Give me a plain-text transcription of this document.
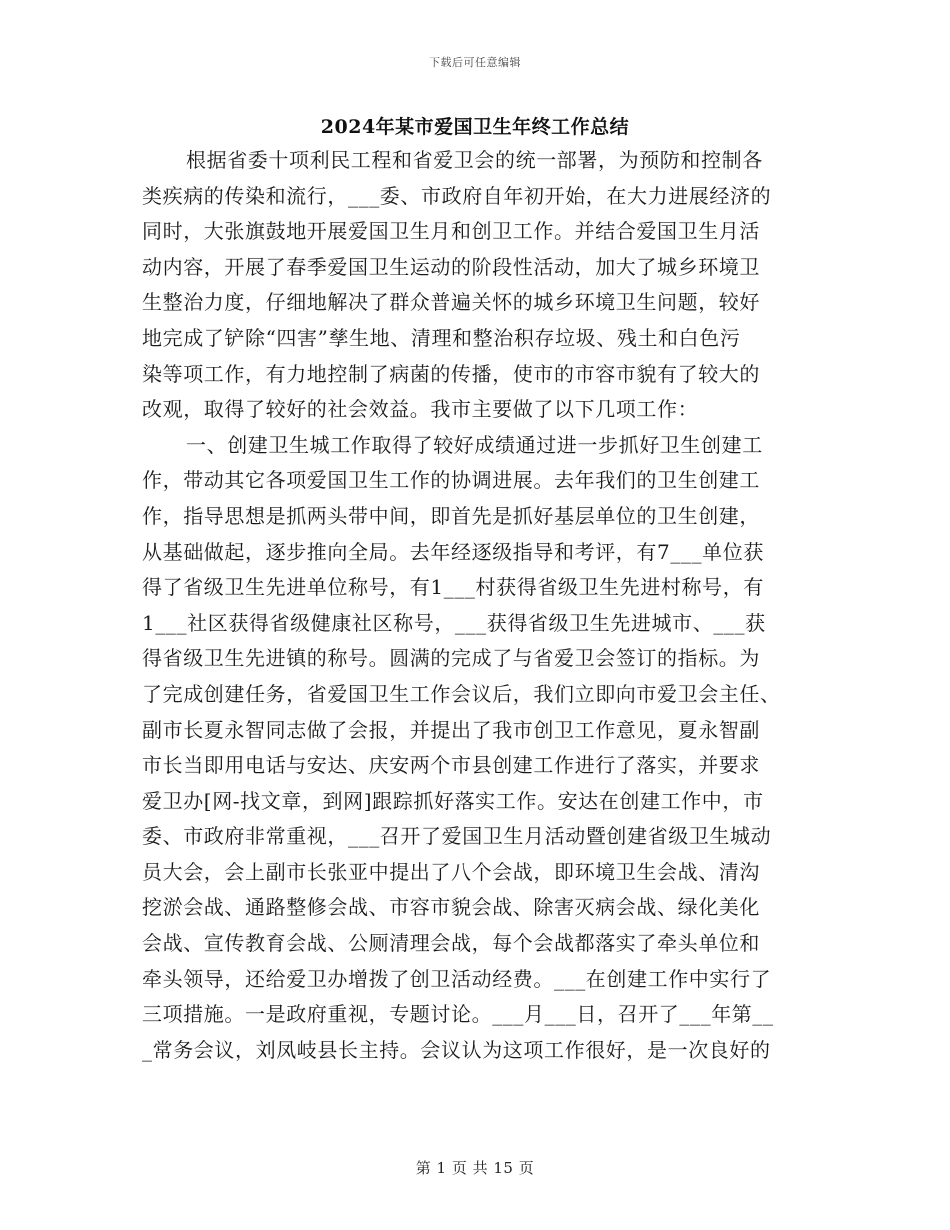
下载后可任意编辑
2024年某市爱国卫生年终工作总结
根据省委十项利民工程和省爱卫会的统一部署，为预防和控制各
类疾病的传染和流行，___委、市政府自年初开始，在大力进展经济的
同时，大张旗鼓地开展爱国卫生月和创卫工作。并结合爱国卫生月活
动内容，开展了春季爱国卫生运动的阶段性活动，加大了城乡环境卫
生整治力度，仔细地解决了群众普遍关怀的城乡环境卫生问题，较好
地完成了铲除“四害”孳生地、清理和整治积存垃圾、残土和白色污
染等项工作，有力地控制了病菌的传播，使市的市容市貌有了较大的
改观，取得了较好的社会效益。我市主要做了以下几项工作：
一、创建卫生城工作取得了较好成绩通过进一步抓好卫生创建工
作，带动其它各项爱国卫生工作的协调进展。去年我们的卫生创建工
作，指导思想是抓两头带中间，即首先是抓好基层单位的卫生创建，
从基础做起，逐步推向全局。去年经逐级指导和考评，有7___单位获
得了省级卫生先进单位称号，有1___村获得省级卫生先进村称号，有
1___社区获得省级健康社区称号，___获得省级卫生先进城市、___获
得省级卫生先进镇的称号。圆满的完成了与省爱卫会签订的指标。为
了完成创建任务，省爱国卫生工作会议后，我们立即向市爱卫会主任、
副市长夏永智同志做了会报，并提出了我市创卫工作意见，夏永智副
市长当即用电话与安达、庆安两个市县创建工作进行了落实，并要求
爱卫办[网-找文章，到网]跟踪抓好落实工作。安达在创建工作中，市
委、市政府非常重视，___召开了爱国卫生月活动暨创建省级卫生城动
员大会，会上副市长张亚中提出了八个会战，即环境卫生会战、清沟
挖淤会战、通路整修会战、市容市貌会战、除害灭病会战、绿化美化
会战、宣传教育会战、公厕清理会战，每个会战都落实了牵头单位和
牵头领导，还给爱卫办增拨了创卫活动经费。___在创建工作中实行了
三项措施。一是政府重视，专题讨论。___月___日，召开了___年第__
_常务会议，刘凤岐县长主持。会议认为这项工作很好，是一次良好的
第 1 页 共 15 页
